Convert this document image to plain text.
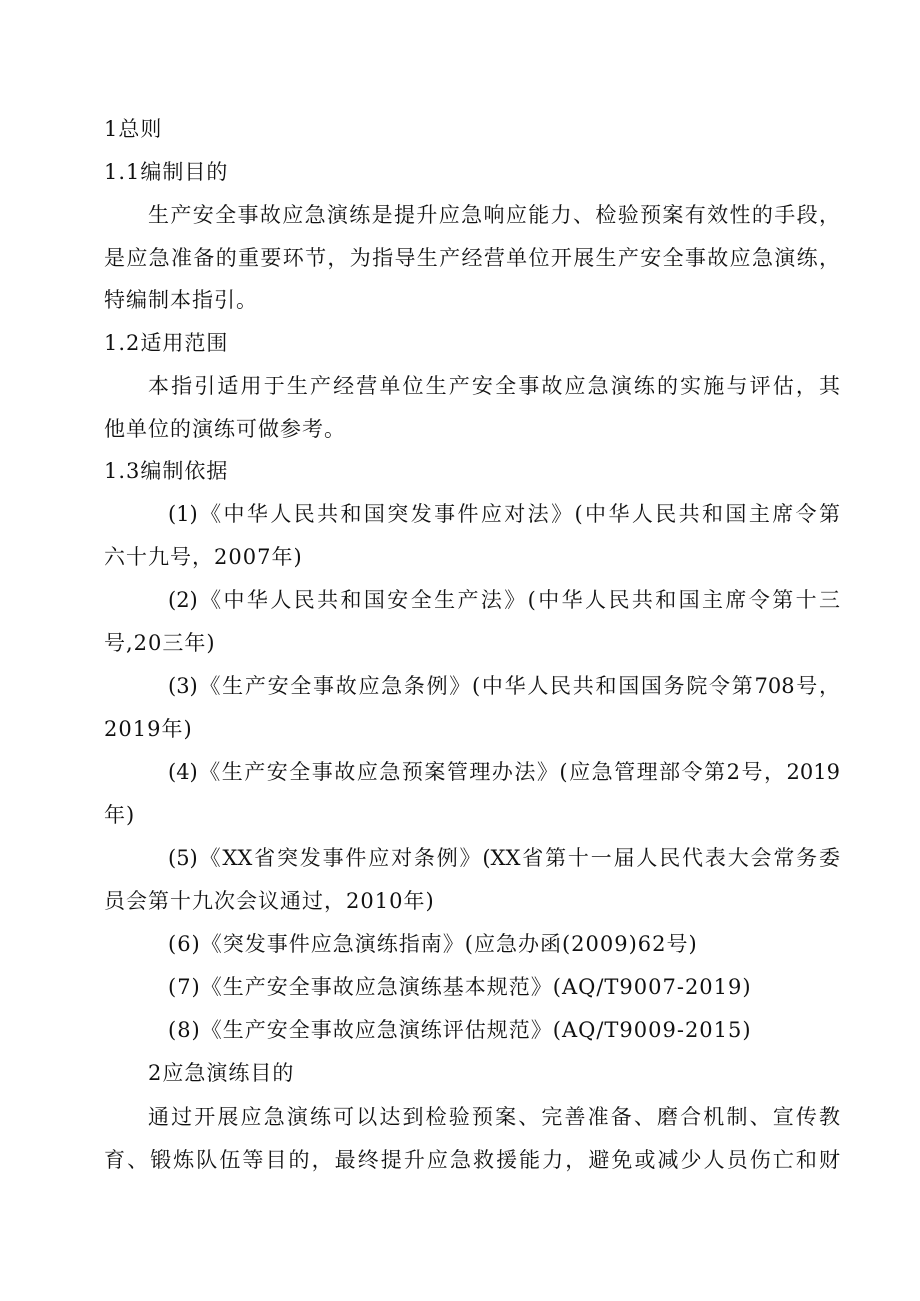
1总则
1.1编制目的
生产安全事故应急演练是提升应急响应能力、检验预案有效性的手段，
是应急准备的重要环节，为指导生产经营单位开展生产安全事故应急演练，
特编制本指引。
1.2适用范围
本指引适用于生产经营单位生产安全事故应急演练的实施与评估，其
他单位的演练可做参考。
1.3编制依据
(1)《中华人民共和国突发事件应对法》(中华人民共和国主席令第
六十九号，2007年)
(2)《中华人民共和国安全生产法》(中华人民共和国主席令第十三
号,20三年)
(3)《生产安全事故应急条例》(中华人民共和国国务院令第708号，
2019年)
(4)《生产安全事故应急预案管理办法》(应急管理部令第2号，2019
年)
(5)《XX省突发事件应对条例》(XX省第十一届人民代表大会常务委
员会第十九次会议通过，2010年)
(6)《突发事件应急演练指南》(应急办函(2009)62号)
(7)《生产安全事故应急演练基本规范》(AQ/T9007-2019)
(8)《生产安全事故应急演练评估规范》(AQ/T9009-2015)
2应急演练目的
通过开展应急演练可以达到检验预案、完善准备、磨合机制、宣传教
育、锻炼队伍等目的，最终提升应急救援能力，避免或减少人员伤亡和财
